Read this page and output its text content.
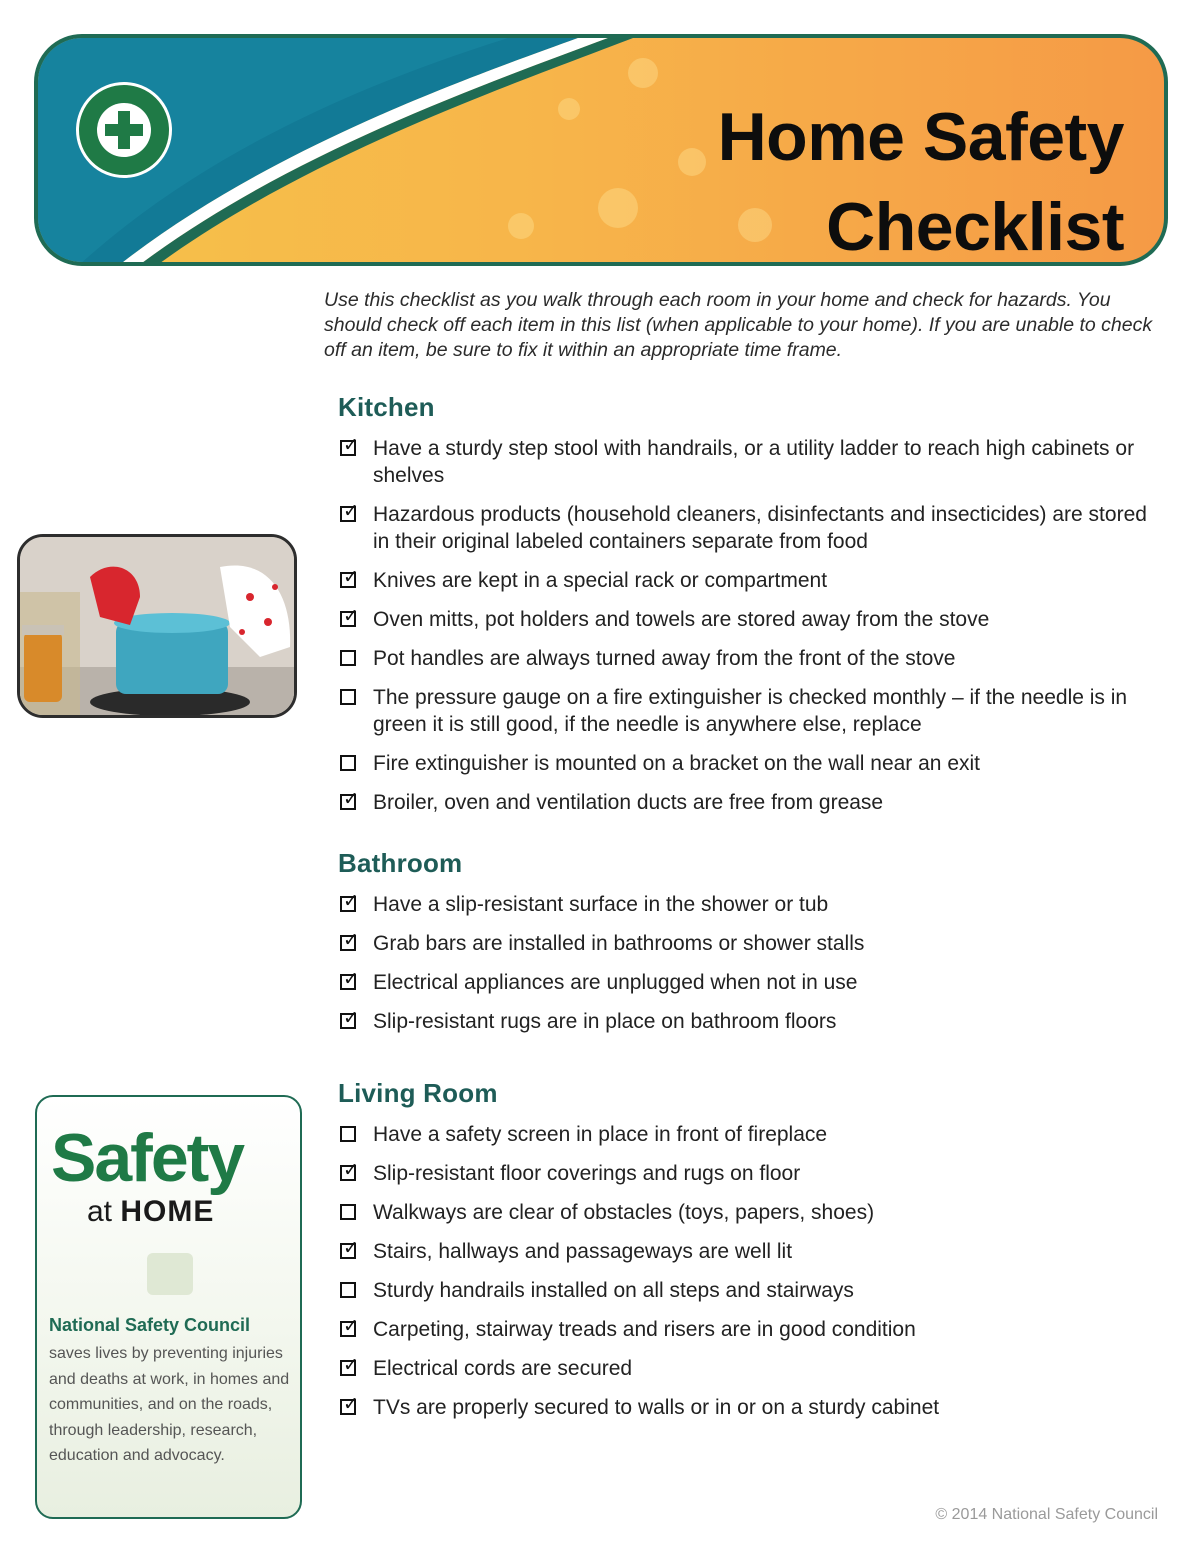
Home Safety
Checklist

Use this checklist as you walk through each room in your home and check for hazards. You should check off each item in this list (when applicable to your home). If you are unable to check off an item, be sure to fix it within an appropriate time frame.

Kitchen
✓ Have a sturdy step stool with handrails, or a utility ladder to reach high cabinets or shelves
✓ Hazardous products (household cleaners, disinfectants and insecticides) are stored in their original labeled containers separate from food
✓ Knives are kept in a special rack or compartment
✓ Oven mitts, pot holders and towels are stored away from the stove
Pot handles are always turned away from the front of the stove
The pressure gauge on a fire extinguisher is checked monthly – if the needle is in green it is still good, if the needle is anywhere else, replace
Fire extinguisher is mounted on a bracket on the wall near an exit
✓ Broiler, oven and ventilation ducts are free from grease
Bathroom
✓ Have a slip-resistant surface in the shower or tub
✓ Grab bars are installed in bathrooms or shower stalls
✓ Electrical appliances are unplugged when not in use
✓ Slip-resistant rugs are in place on bathroom floors
Living Room
Have a safety screen in place in front of fireplace
✓ Slip-resistant floor coverings and rugs on floor
Walkways are clear of obstacles (toys, papers, shoes)
✓ Stairs, hallways and passageways are well lit
Sturdy handrails installed on all steps and stairways
✓ Carpeting, stairway treads and risers are in good condition
✓ Electrical cords are secured
✓ TVs are properly secured to walls or in or on a sturdy cabinet
Safety
at HOME
National Safety Council
saves lives by preventing injuries and deaths at work, in homes and communities, and on the roads, through leadership, research, education and advocacy.
© 2014 National Safety Council
